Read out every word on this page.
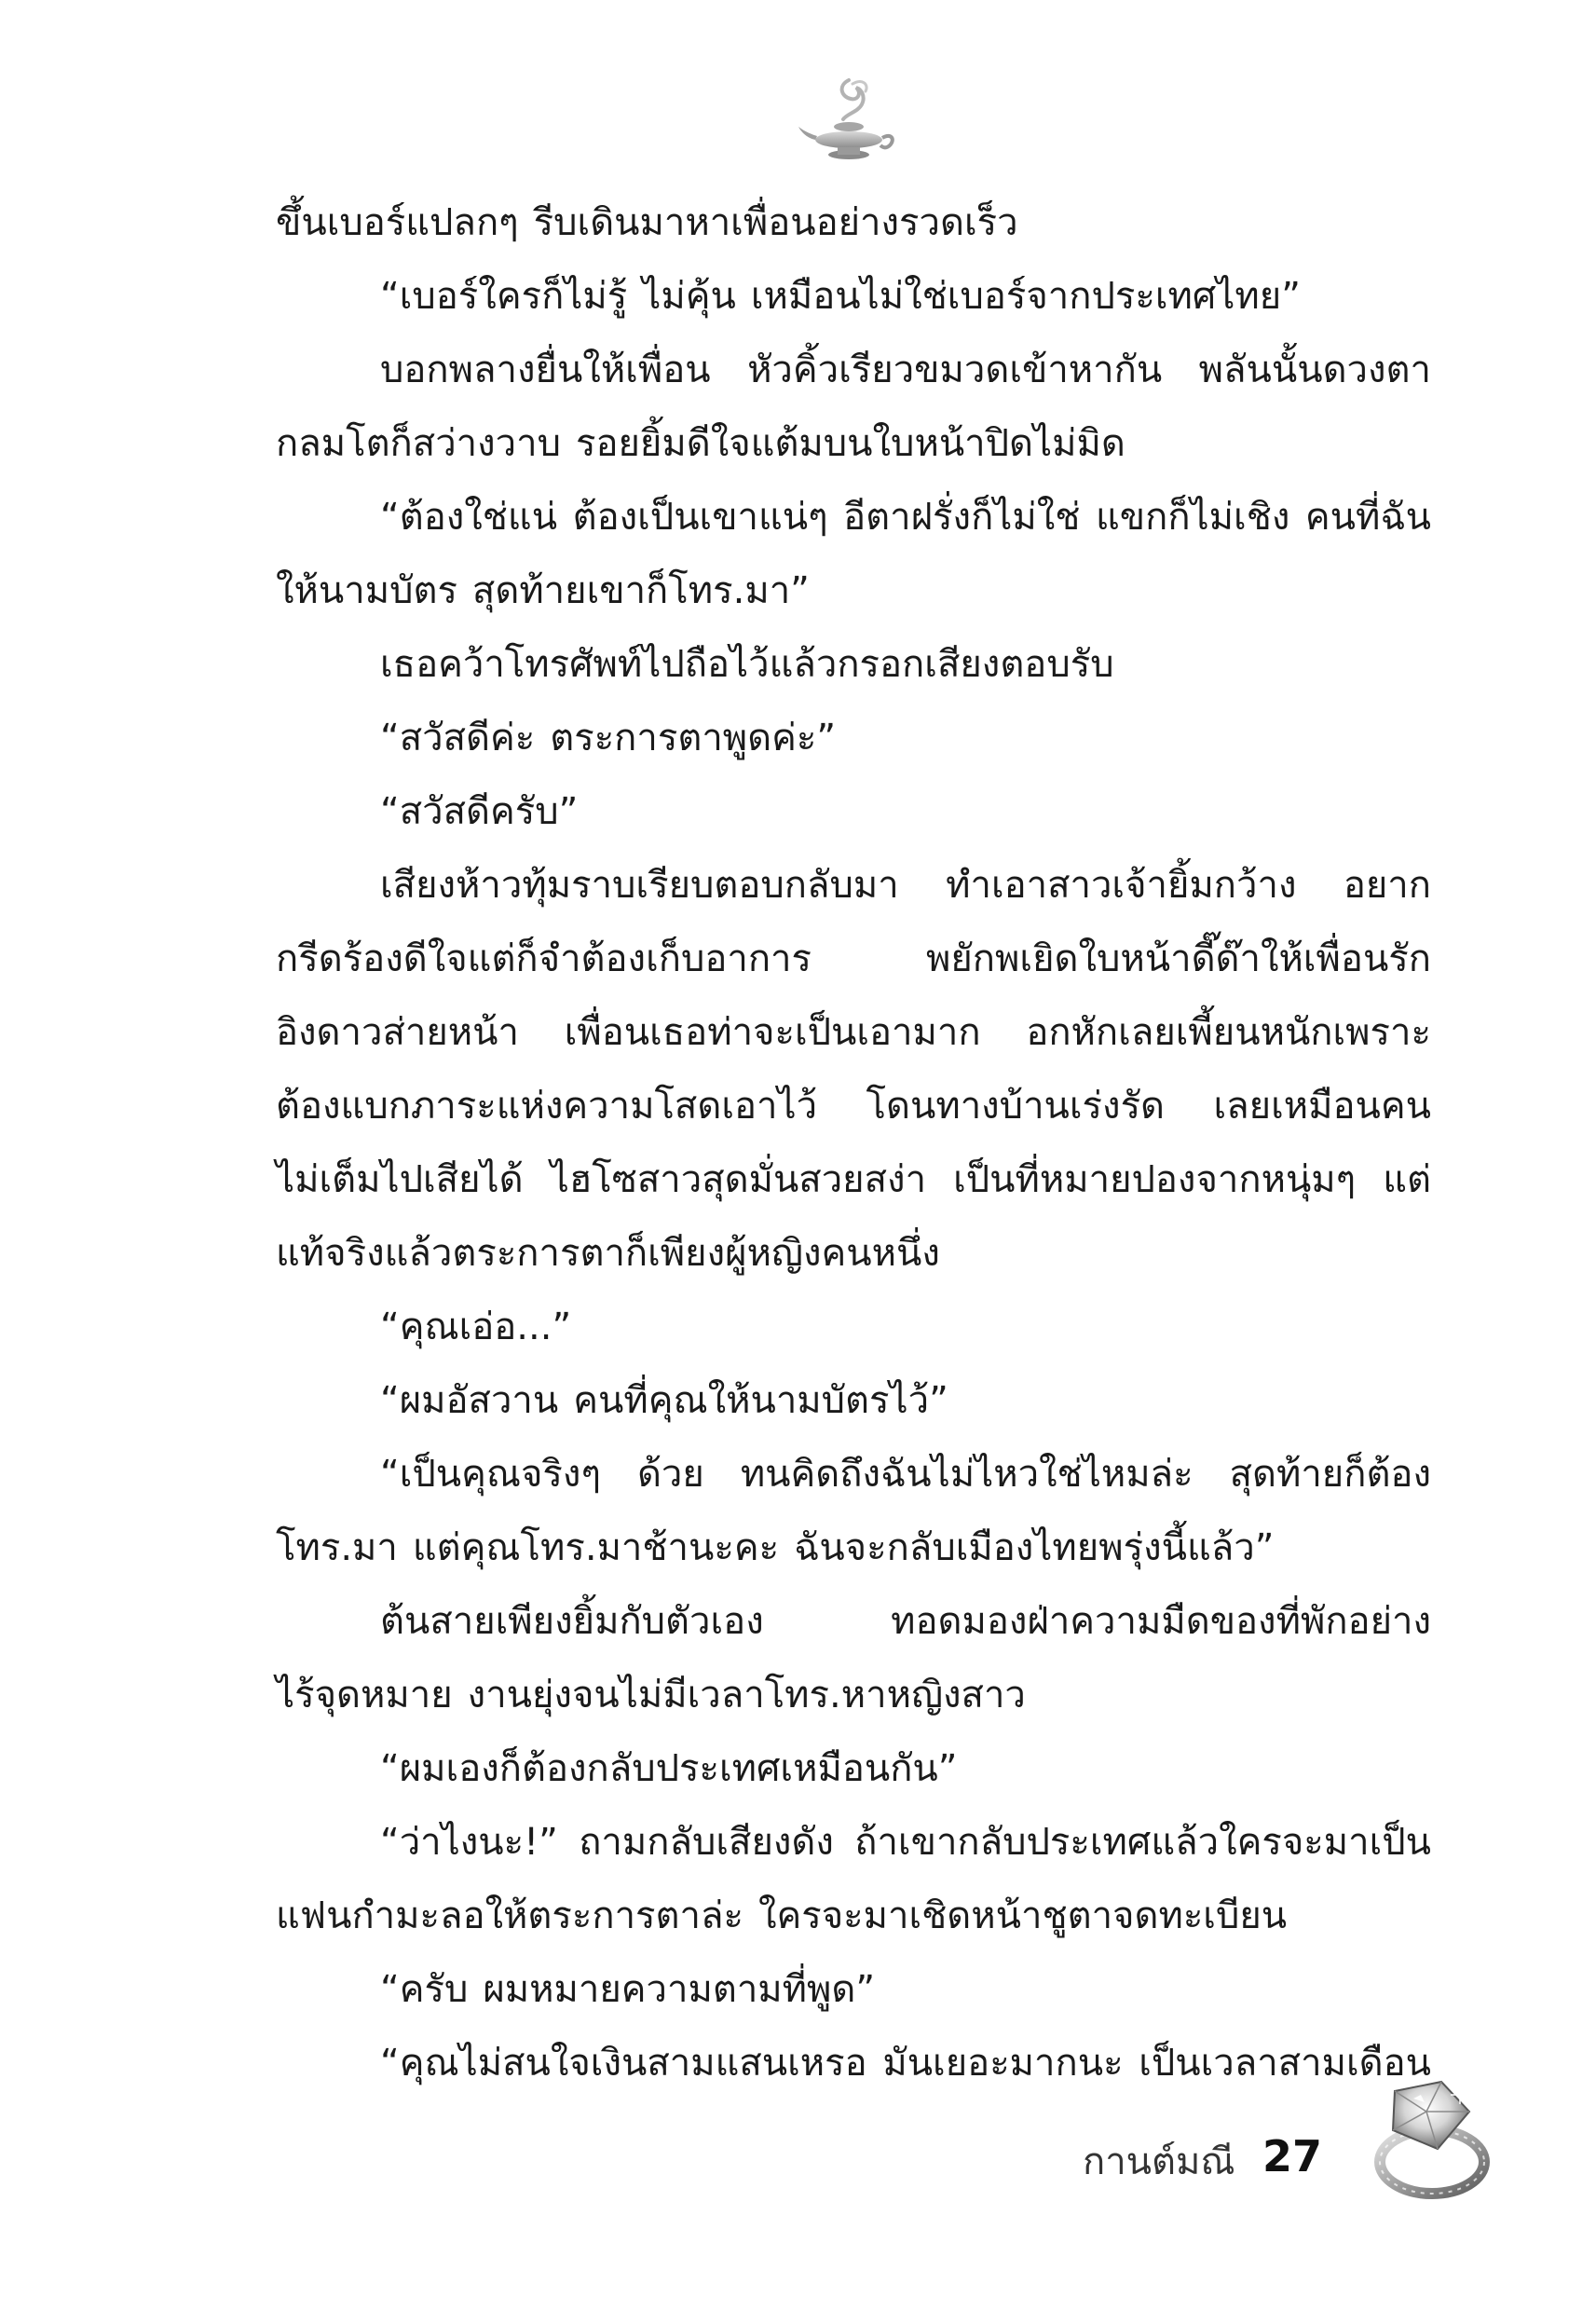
ขึ้นเบอร์แปลกๆ รีบเดินมาหาเพื่อนอย่างรวดเร็ว
“เบอร์ใครก็ไม่รู้ ไม่คุ้น เหมือนไม่ใช่เบอร์จากประเทศไทย”
บอกพลางยื่นให้เพื่อน หัวคิ้วเรียวขมวดเข้าหากัน พลันนั้นดวงตา
กลมโตก็สว่างวาบ รอยยิ้มดีใจแต้มบนใบหน้าปิดไม่มิด
“ต้องใช่แน่ ต้องเป็นเขาแน่ๆ อีตาฝรั่งก็ไม่ใช่ แขกก็ไม่เชิง คนที่ฉัน
ให้นามบัตร สุดท้ายเขาก็โทร.มา”
เธอคว้าโทรศัพท์ไปถือไว้แล้วกรอกเสียงตอบรับ
“สวัสดีค่ะ ตระการตาพูดค่ะ”
“สวัสดีครับ”
เสียงห้าวทุ้มราบเรียบตอบกลับมา ทำเอาสาวเจ้ายิ้มกว้าง อยาก
กรีดร้องดีใจแต่ก็จำต้องเก็บอาการ	พยักพเยิดใบหน้าดี๊ด๊าให้เพื่อนรัก
อิงดาวส่ายหน้า เพื่อนเธอท่าจะเป็นเอามาก อกหักเลยเพี้ยนหนักเพราะ
ต้องแบกภาระแห่งความโสดเอาไว้ โดนทางบ้านเร่งรัด เลยเหมือนคน
ไม่เต็มไปเสียได้ ไฮโซสาวสุดมั่นสวยสง่า เป็นที่หมายปองจากหนุ่มๆ แต่
แท้จริงแล้วตระการตาก็เพียงผู้หญิงคนหนึ่ง
“คุณเอ่อ...”
“ผมอัสวาน คนที่คุณให้นามบัตรไว้”
“เป็นคุณจริงๆ ด้วย ทนคิดถึงฉันไม่ไหวใช่ไหมล่ะ สุดท้ายก็ต้อง
โทร.มา แต่คุณโทร.มาช้านะคะ ฉันจะกลับเมืองไทยพรุ่งนี้แล้ว”
ต้นสายเพียงยิ้มกับตัวเอง	ทอดมองฝ่าความมืดของที่พักอย่าง
ไร้จุดหมาย งานยุ่งจนไม่มีเวลาโทร.หาหญิงสาว
“ผมเองก็ต้องกลับประเทศเหมือนกัน”
“ว่าไงนะ!” ถามกลับเสียงดัง ถ้าเขากลับประเทศแล้วใครจะมาเป็น
แฟนกำมะลอให้ตระการตาล่ะ ใครจะมาเชิดหน้าชูตาจดทะเบียน
“ครับ ผมหมายความตามที่พูด”
“คุณไม่สนใจเงินสามแสนเหรอ มันเยอะมากนะ เป็นเวลาสามเดือน
กานต์มณี 27
